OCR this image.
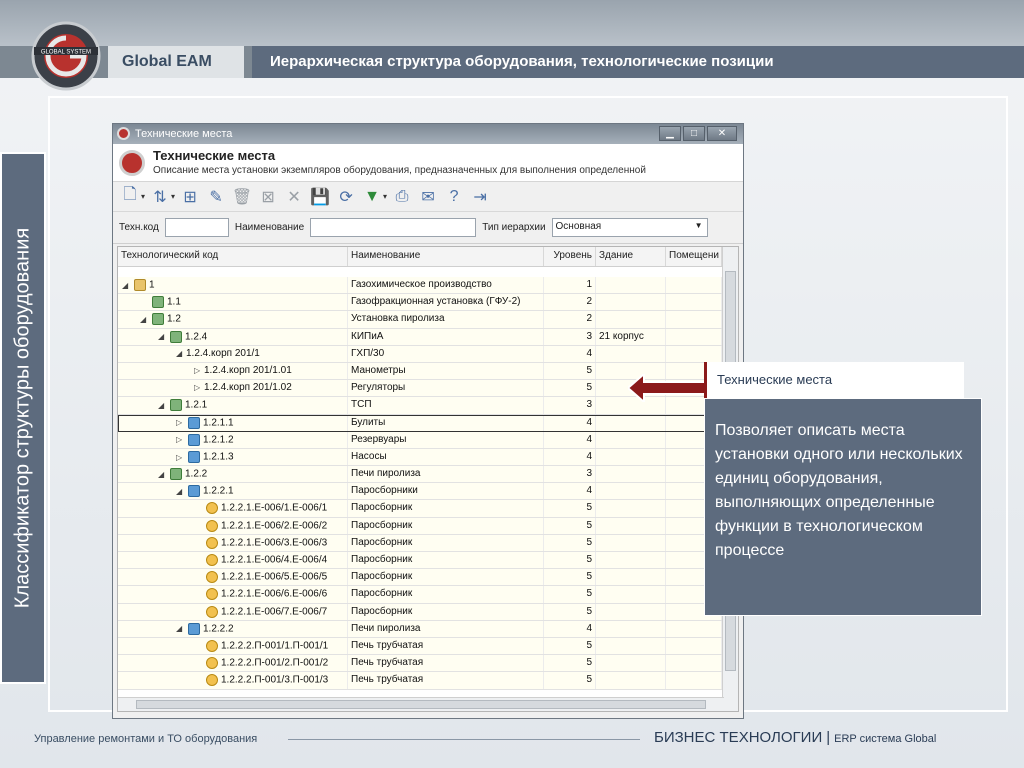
GLOBAL SYSTEM
Global EAM	Иерархическая структура оборудования, технологические позиции
Классификатор структуры оборудования
Технические места	▁	□	✕
Технические места
Описание места установки экземпляров оборудования, предназначенных для выполнения определенной
🗋 ▾ ⇅ ▾ ⊞ ✎ 🗑 ⊠ ✕ 💾 ⟳ ▼ ▾ ⎙ ✉ ? ⇥
Техн.код	Наименование	Тип иерархии	Основная	▼
Технологический код	Наименование	Уровень Здание	Помещени
◢ 1	Газохимическое производство	1
1.1	Газофракционная установка (ГФУ-2)	2
◢ 1.2	Установка пиролиза	2
◢ 1.2.4	КИПиА	3 21 корпус
◢ 1.2.4.корп 201/1	ГХП/30	4
▷ 1.2.4.корп 201/1.01	Манометры	5
▷ 1.2.4.корп 201/1.02	Регуляторы	5
◢ 1.2.1	ТСП	3
▷ 1.2.1.1	Булиты	4
▷ 1.2.1.2	Резервуары	4
▷ 1.2.1.3	Насосы	4
◢ 1.2.2	Печи пиролиза	3
◢ 1.2.2.1	Паросборники	4
1.2.2.1.Е-006/1.Е-006/1	Паросборник	5
1.2.2.1.Е-006/2.Е-006/2	Паросборник	5
1.2.2.1.Е-006/3.Е-006/3	Паросборник	5
1.2.2.1.Е-006/4.Е-006/4	Паросборник	5
1.2.2.1.Е-006/5.Е-006/5	Паросборник	5
1.2.2.1.Е-006/6.Е-006/6	Паросборник	5
1.2.2.1.Е-006/7.Е-006/7	Паросборник	5
◢ 1.2.2.2	Печи пиролиза	4
1.2.2.2.П-001/1.П-001/1	Печь трубчатая	5
1.2.2.2.П-001/2.П-001/2	Печь трубчатая	5
1.2.2.2.П-001/3.П-001/3	Печь трубчатая	5
Технические места
Позволяет описать места установки одного или нескольких единиц оборудования, выполняющих определенные функции в технологическом процессе
Управление ремонтами и ТО оборудования	БИЗНЕС ТЕХНОЛОГИИ | ERP система Global
